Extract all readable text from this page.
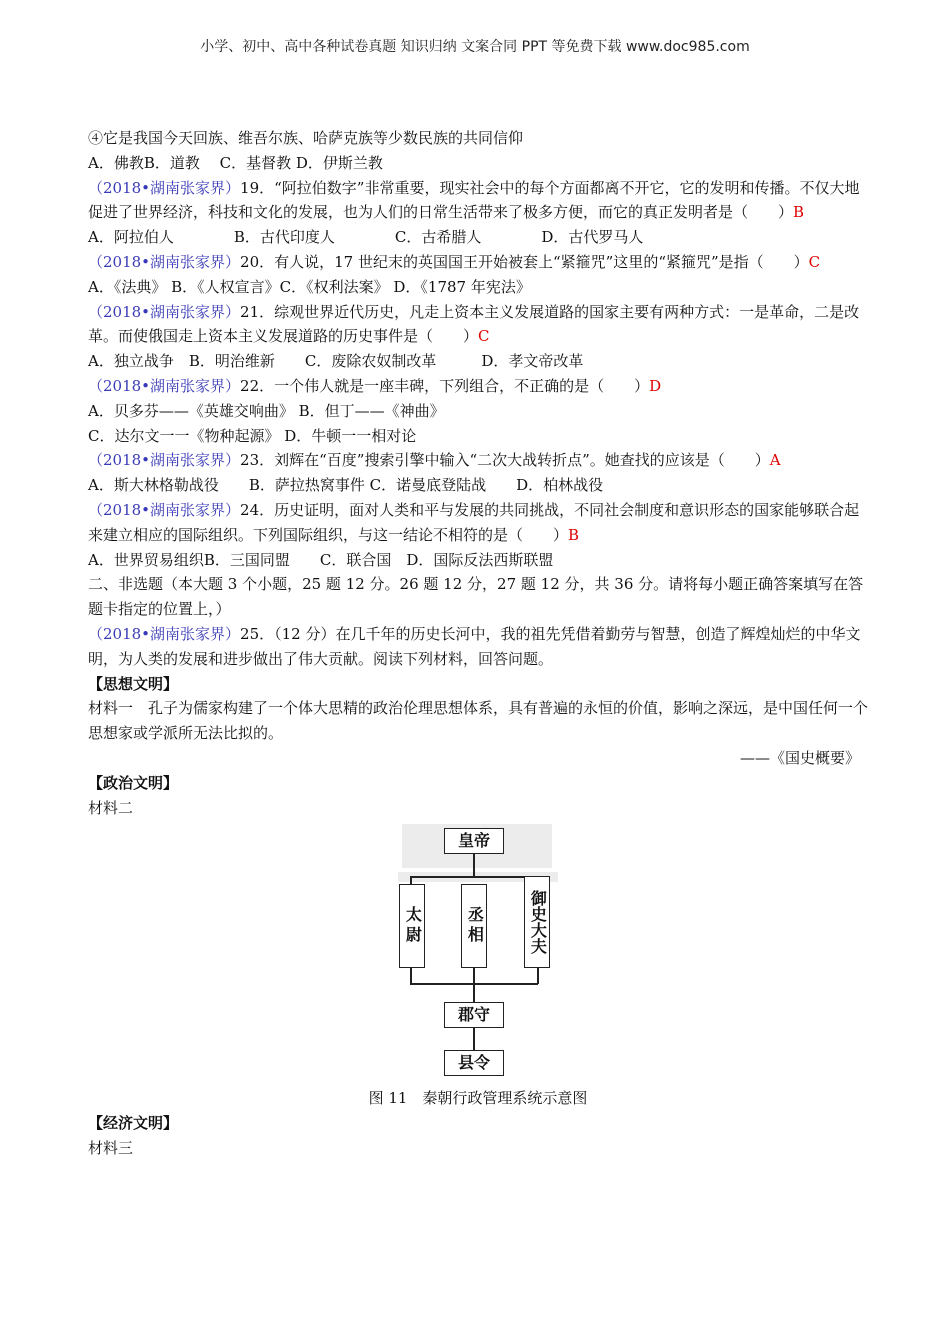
小学、初中、高中各种试卷真题 知识归纳 文案合同 PPT 等免费下载 www.doc985.com
④它是我国今天回族、维吾尔族、哈萨克族等少数民族的共同信仰
A．佛教B．道教　 C．基督教 D．伊斯兰教
（2018•湖南张家界）19．“阿拉伯数字”非常重要，现实社会中的每个方面都离不开它，它的发明和传播。不仅大地促进了世界经济，科技和文化的发展，也为人们的日常生活带来了极多方便，而它的真正发明者是（　　）B
A．阿拉伯人　　　　B．古代印度人　　　　C．古希腊人　　　　D．古代罗马人
（2018•湖南张家界）20．有人说，17 世纪末的英国国王开始被套上“紧箍咒”这里的“紧箍咒”是指（　　）C
A．《法典》 B．《人权宣言》C．《权利法案》 D．《1787 年宪法》
（2018•湖南张家界）21．综观世界近代历史，凡走上资本主义发展道路的国家主要有两种方式：一是革命，二是改革。而使俄国走上资本主义发展道路的历史事件是（　　）C
A．独立战争　B．明治维新　　C．废除农奴制改革　　　D．孝文帝改革
（2018•湖南张家界）22．一个伟人就是一座丰碑，下列组合，不正确的是（　　）D
A．贝多芬——《英雄交响曲》 B．但丁——《神曲》
C．达尔文一一《物种起源》 D．牛顿一一相对论
（2018•湖南张家界）23．刘辉在“百度”搜索引擎中输入“二次大战转折点”。她查找的应该是（　　）A
A．斯大林格勒战役　　B．萨拉热窝事件 C．诺曼底登陆战　　D．柏林战役
（2018•湖南张家界）24．历史证明，面对人类和平与发展的共同挑战，不同社会制度和意识形态的国家能够联合起来建立相应的国际组织。下列国际组织，与这一结论不相符的是（　　）B
A．世界贸易组织B．三国同盟　　C．联合国　D．国际反法西斯联盟
二、非选题（本大题 3 个小题，25 题 12 分。26 题 12 分，27 题 12 分，共 36 分。请将每小题正确答案填写在答题卡指定的位置上，）
（2018•湖南张家界）25．（12 分）在几千年的历史长河中，我的祖先凭借着勤劳与智慧，创造了辉煌灿烂的中华文明，为人类的发展和进步做出了伟大贡献。阅读下列材料，回答问题。
【思想文明】
材料一　孔子为儒家构建了一个体大思精的政治伦理思想体系，具有普遍的永恒的价值，影响之深远，是中国任何一个思想家或学派所无法比拟的。
——《国史概要》
【政治文明】
材料二
皇帝
太尉	丞相	御史大夫
郡守
县令
图 11　秦朝行政管理系统示意图
【经济文明】
材料三
